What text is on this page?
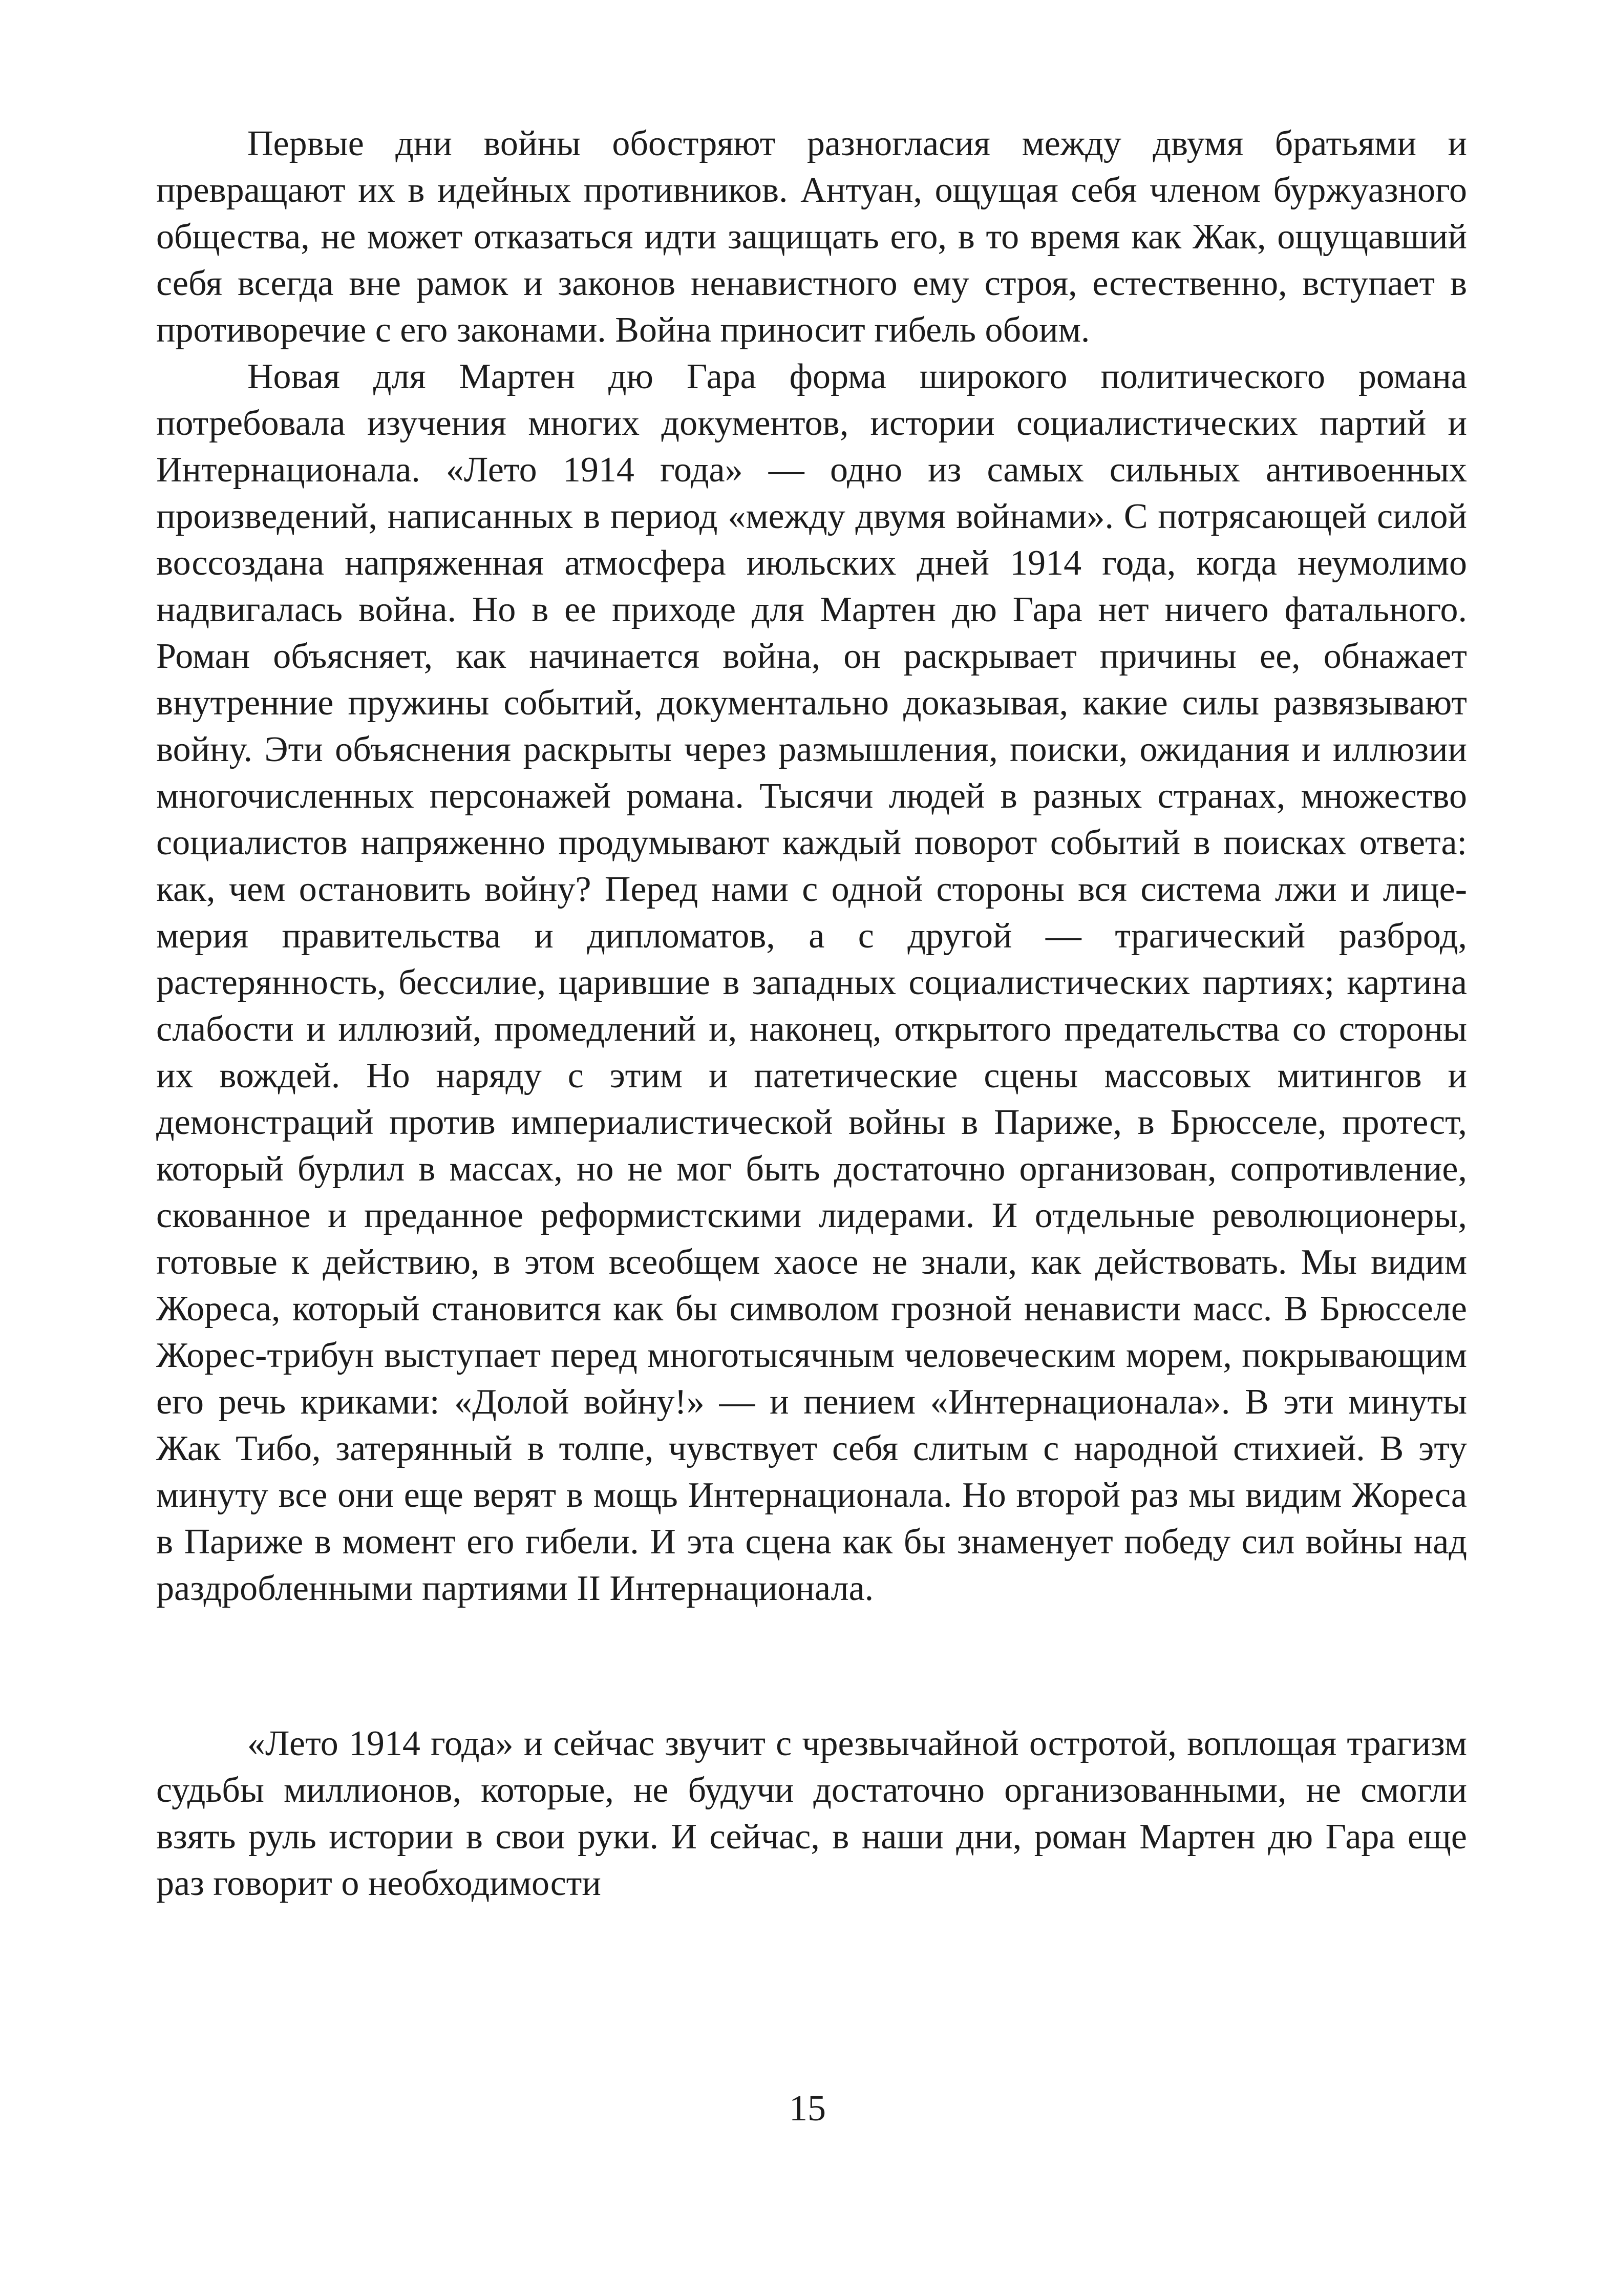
Первые дни войны обостряют разногласия между двумя братьями и превращают их в идейных противников. Антуан, ощущая себя членом буржуазного общества, не может отказаться идти защищать его, в то время как Жак, ощущавший себя всегда вне рамок и законов ненавистного ему строя, естественно, вступает в противоречие с его законами. Война приносит гибель обоим.

Новая для Мартен дю Гара форма широкого политического романа потребовала изучения многих документов, истории социалистических партий и Интернационала. «Лето 1914 года» — одно из самых сильных антивоенных произведений, написанных в период «между двумя войнами». С потрясающей силой воссоздана напряженная атмосфера июльских дней 1914 года, когда неумолимо надвигалась война. Но в ее приходе для Мартен дю Гара нет ничего фатального. Роман объясняет, как начинается война, он раскрывает причины ее, обнажает внутренние пружины событий, документально доказывая, какие силы развязывают войну. Эти объяснения раскрыты через размышления, поиски, ожидания и иллюзии многочисленных персонажей романа. Тысячи людей в разных странах, множество социалистов напряженно продумывают каждый поворот событий в поисках ответа: как, чем остановить войну? Перед нами с одной стороны вся система лжи и лицемерия правительства и дипломатов, а с другой — трагический разброд, растерянность, бессилие, царившие в западных социалистических партиях; картина слабости и иллюзий, промедлений и, наконец, открытого предательства со стороны их вождей. Но наряду с этим и патетические сцены массовых митингов и демонстраций против империалистической войны в Париже, в Брюсселе, протест, который бурлил в массах, но не мог быть достаточно организован, сопротивление, скованное и преданное реформистскими лидерами. И отдельные революционеры, готовые к действию, в этом всеобщем хаосе не знали, как действовать. Мы видим Жореса, который становится как бы символом грозной ненависти масс. В Брюсселе Жорес-трибун выступает перед многотысячным человеческим морем, покрывающим его речь криками: «Долой войну!» — и пением «Интернационала». В эти минуты Жак Тибо, затерянный в толпе, чувствует себя слитым с народной стихией. В эту минуту все они еще верят в мощь Интернационала. Но второй раз мы видим Жореса в Париже в момент его гибели. И эта сцена как бы знаменует победу сил войны над раздробленными партиями II Интернационала.

«Лето 1914 года» и сейчас звучит с чрезвычайной остротой, воплощая трагизм судьбы миллионов, которые, не будучи достаточно организованными, не смогли взять руль истории в свои руки. И сейчас, в наши дни, роман Мартен дю Гара еще раз говорит о необходимости

15
